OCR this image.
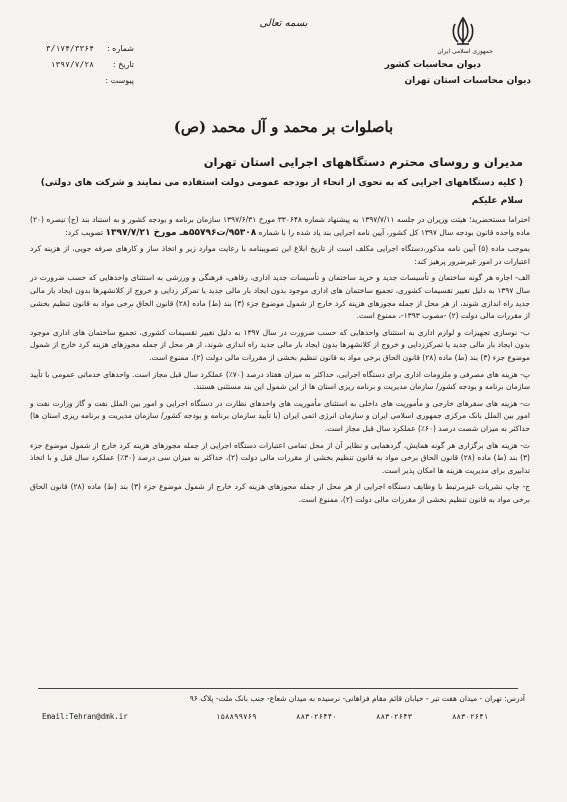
بسمه تعالی
جمهوری اسلامی ایران
دیوان محاسبات کشور
دیوان محاسبات استان تهران
شماره :۳/۱۷۴/۳۳۶۴
تاریخ :۱۳۹۷/۷/۲۸
پیوست :
باصلوات بر محمد و آل محمد (ص)
مدیران و روسای محترم دستگاههای اجرایی استان تهران
( کلیه دستگاههای اجرایی که به نحوی از انحاء از بودجه عمومی دولت استفاده می نمایند و شرکت های دولتی)
سلام علیکم

احتراما مستحضرید؛ هیئت وزیران در جلسه ۱۳۹۷/۷/۱۱ به پیشنهاد شماره ۳۳۰۶۴۸ مورخ ۱۳۹۷/۶/۳۱ سازمان برنامه و بودجه کشور و به استناد بند (ج) تبصره (۲۰) ماده واحده قانون بودجه سال ۱۳۹۷ کل کشور، آیین نامه اجرایی بند یاد شده را با شماره ۹۵۳۰۸/ت۵۵۷۹۶هـ مورخ ۱۳۹۷/۷/۲۱ تصویب کرد:

بموجب ماده (۵) آیین نامه مذکور،دستگاه اجرایی مکلف است از تاریخ ابلاغ این تصویبنامه با رعایت موارد زیر و اتخاذ ساز و کارهای صرفه جویی، از هزینه کرد اعتبارات در امور غیرضرور پرهیز کند:

الف- اجاره هر گونه ساختمان و تأسیسات جدید و خرید ساختمان و تأسیسات جدید اداری، رفاهی، فرهنگی و ورزشی به استثنای واحدهایی که حسب ضرورت در سال ۱۳۹۷ به دلیل تغییر تقسیمات کشوری، تجمیع ساختمان های اداری موجود بدون ایجاد بار مالی جدید یا تمرکز زدایی و خروج از کلانشهرها بدون ایجاد بار مالی جدید راه اندازی شوند، از هر محل از جمله مجوزهای هزینه کرد خارج از شمول موضوع جزء (۳) بند (ط) ماده (۲۸) قانون الحاق برخی مواد به قانون تنظیم بخشی از مقررات مالی دولت (۲) -مصوب ۱۳۹۳-، ممنوع است.

ب- نوسازی تجهیزات و لوازم اداری به استثنای واحدهایی که حسب ضرورت در سال ۱۳۹۷ به دلیل تغییر تقسیمات کشوری، تجمیع ساختمان های اداری موجود بدون ایجاد بار مالی جدید یا تمرکززدایی و خروج از کلانشهرها بدون ایجاد بار مالی جدید راه اندازی شوند، از هر محل از جمله مجوزهای هزینه کرد خارج از شمول موضوع جزء (۳) بند (ط) ماده (۲۸) قانون الحاق برخی مواد به قانون تنظیم بخشی از مقررات مالی دولت (۲)، ممنوع است.

پ- هزینه های مصرفی و ملزومات اداری برای دستگاه اجرایی، حداکثر به میزان هفتاد درصد (۷۰٪) عملکرد سال قبل مجاز است. واحدهای خدماتی عمومی با تأیید سازمان برنامه و بودجه کشور/ سازمان مدیریت و برنامه ریزی استان ها از این شمول این بند مستثنی هستند.

ت- هزینه های سفرهای خارجی و مأموریت های داخلی به استثنای مأموریت های واحدهای نظارت در دستگاه اجرایی و امور بین الملل نفت و گاز وزارت نفت و امور بین الملل بانک مرکزی جمهوری اسلامی ایران و سازمان انرژی اتمی ایران (با تأیید سازمان برنامه و بودجه کشور/ سازمان مدیریت و برنامه ریزی استان ها) حداکثر به میزان شصت درصد (۶۰٪) عملکرد سال قبل مجاز است.

ث- هزینه های برگزاری هر گونه همایش، گردهمایی و نظایر آن از محل تمامی اعتبارات دستگاه اجرایی از جمله مجوزهای هزینه کرد خارج از شمول موضوع جزء (۳) بند (ط) ماده (۲۸) قانون الحاق برخی مواد به قانون تنظیم بخشی از مقررات مالی دولت (۲)، حداکثر به میزان سی درصد (۳۰٪) عملکرد سال قبل و با اتخاذ تدابیری برای مدیریت هزینه ها امکان پذیر است.

ج- چاپ نشریات غیرمرتبط با وظایف دستگاه اجرایی از هر محل از جمله مجوزهای هزینه کرد خارج از شمول موضوع جزء (۳) بند (ط) ماده (۲۸) قانون الحاق برخی مواد به قانون تنظیم بخشی از مقررات مالی دولت (۲)، ممنوع است.

آدرس: تهران - میدان هفت تیر - خیابان قائم مقام فراهانی- نرسیده به میدان شعاع- جنب بانک ملت- پلاک ۹۶
Email:Tehran@dmk.ir	۱۵۸۸۹۹۷۶۹	۸۸۳۰۲۶۴۴۰	۸۸۳۰۲۶۴۳	۸۸۳۰۲۶۴۱
